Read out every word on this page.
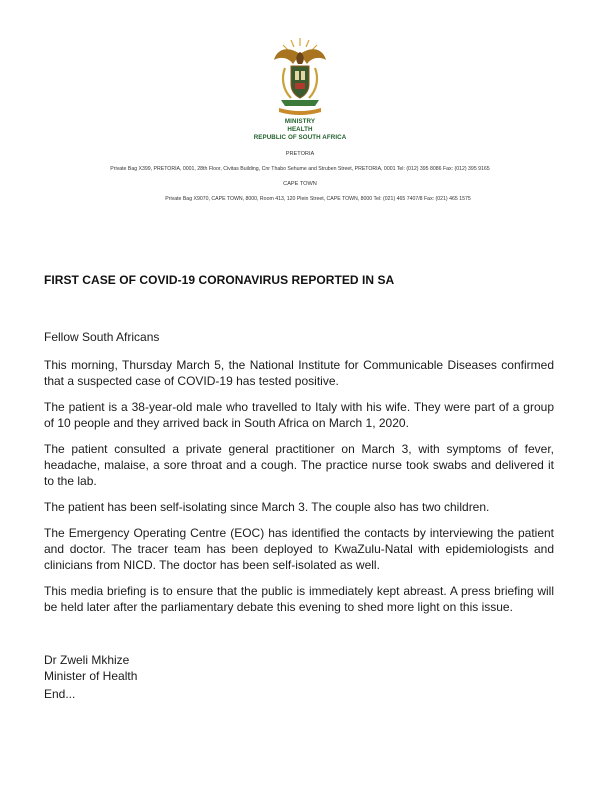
MINISTRY
HEALTH
REPUBLIC OF SOUTH AFRICA
PRETORIA
Private Bag X399, PRETORIA, 0001, 28th Floor, Civitas Building, Cnr Thabo Sehume and Struben Street, PRETORIA, 0001 Tel: (012) 395 8086 Fax: (012) 395 9165
CAPE TOWN
Private Bag X9070, CAPE TOWN, 8000, Room 413, 120 Plein Street, CAPE TOWN, 8000 Tel: (021) 465 7407/8 Fax: (021) 465 1575
FIRST CASE OF COVID-19 CORONAVIRUS REPORTED IN SA

Fellow South Africans

This morning, Thursday March 5, the National Institute for Communicable Diseases confirmed that a suspected case of COVID-19 has tested positive.

The patient is a 38-year-old male who travelled to Italy with his wife. They were part of a group of 10 people and they arrived back in South Africa on March 1, 2020.

The patient consulted a private general practitioner on March 3, with symptoms of fever, headache, malaise, a sore throat and a cough. The practice nurse took swabs and delivered it to the lab.

The patient has been self-isolating since March 3. The couple also has two children.

The Emergency Operating Centre (EOC) has identified the contacts by interviewing the patient and doctor. The tracer team has been deployed to KwaZulu-Natal with epidemiologists and clinicians from NICD. The doctor has been self-isolated as well.

This media briefing is to ensure that the public is immediately kept abreast. A press briefing will be held later after the parliamentary debate this evening to shed more light on this issue.

Dr Zweli Mkhize
Minister of Health
End...
